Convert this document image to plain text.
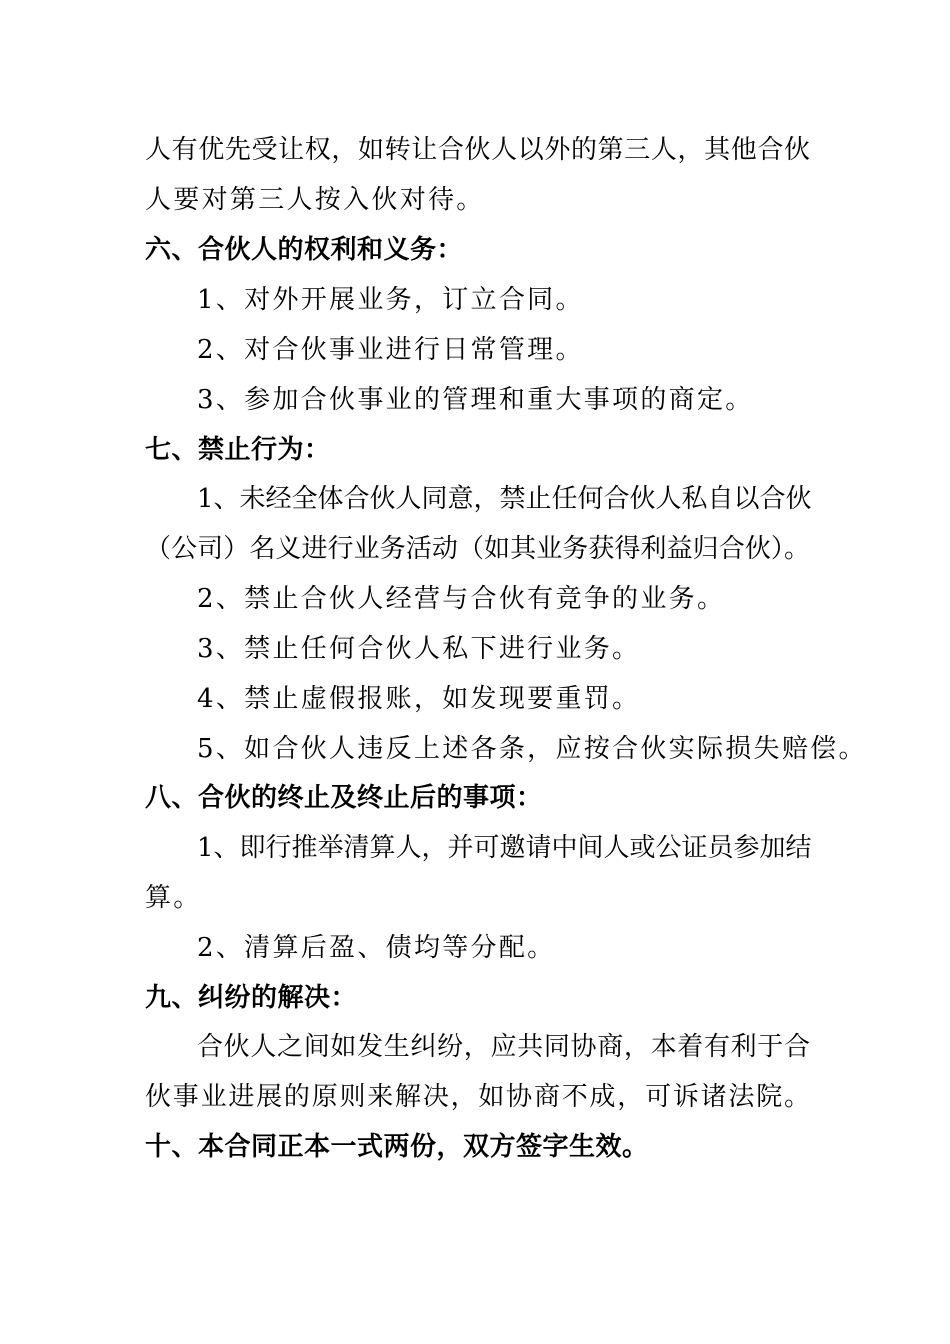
人有优先受让权，如转让合伙人以外的第三人，其他合伙
人要对第三人按入伙对待。
六、合伙人的权利和义务：
1、对外开展业务，订立合同。
2、对合伙事业进行日常管理。
3、参加合伙事业的管理和重大事项的商定。
七、禁止行为：
1、未经全体合伙人同意，禁止任何合伙人私自以合伙
（公司）名义进行业务活动（如其业务获得利益归合伙）。
2、禁止合伙人经营与合伙有竞争的业务。
3、禁止任何合伙人私下进行业务。
4、禁止虚假报账，如发现要重罚。
5、如合伙人违反上述各条，应按合伙实际损失赔偿。
八、合伙的终止及终止后的事项：
1、即行推举清算人，并可邀请中间人或公证员参加结
算。
2、清算后盈、债均等分配。
九、纠纷的解决：
合伙人之间如发生纠纷，应共同协商，本着有利于合
伙事业进展的原则来解决，如协商不成，可诉诸法院。
十、本合同正本一式两份，双方签字生效。
